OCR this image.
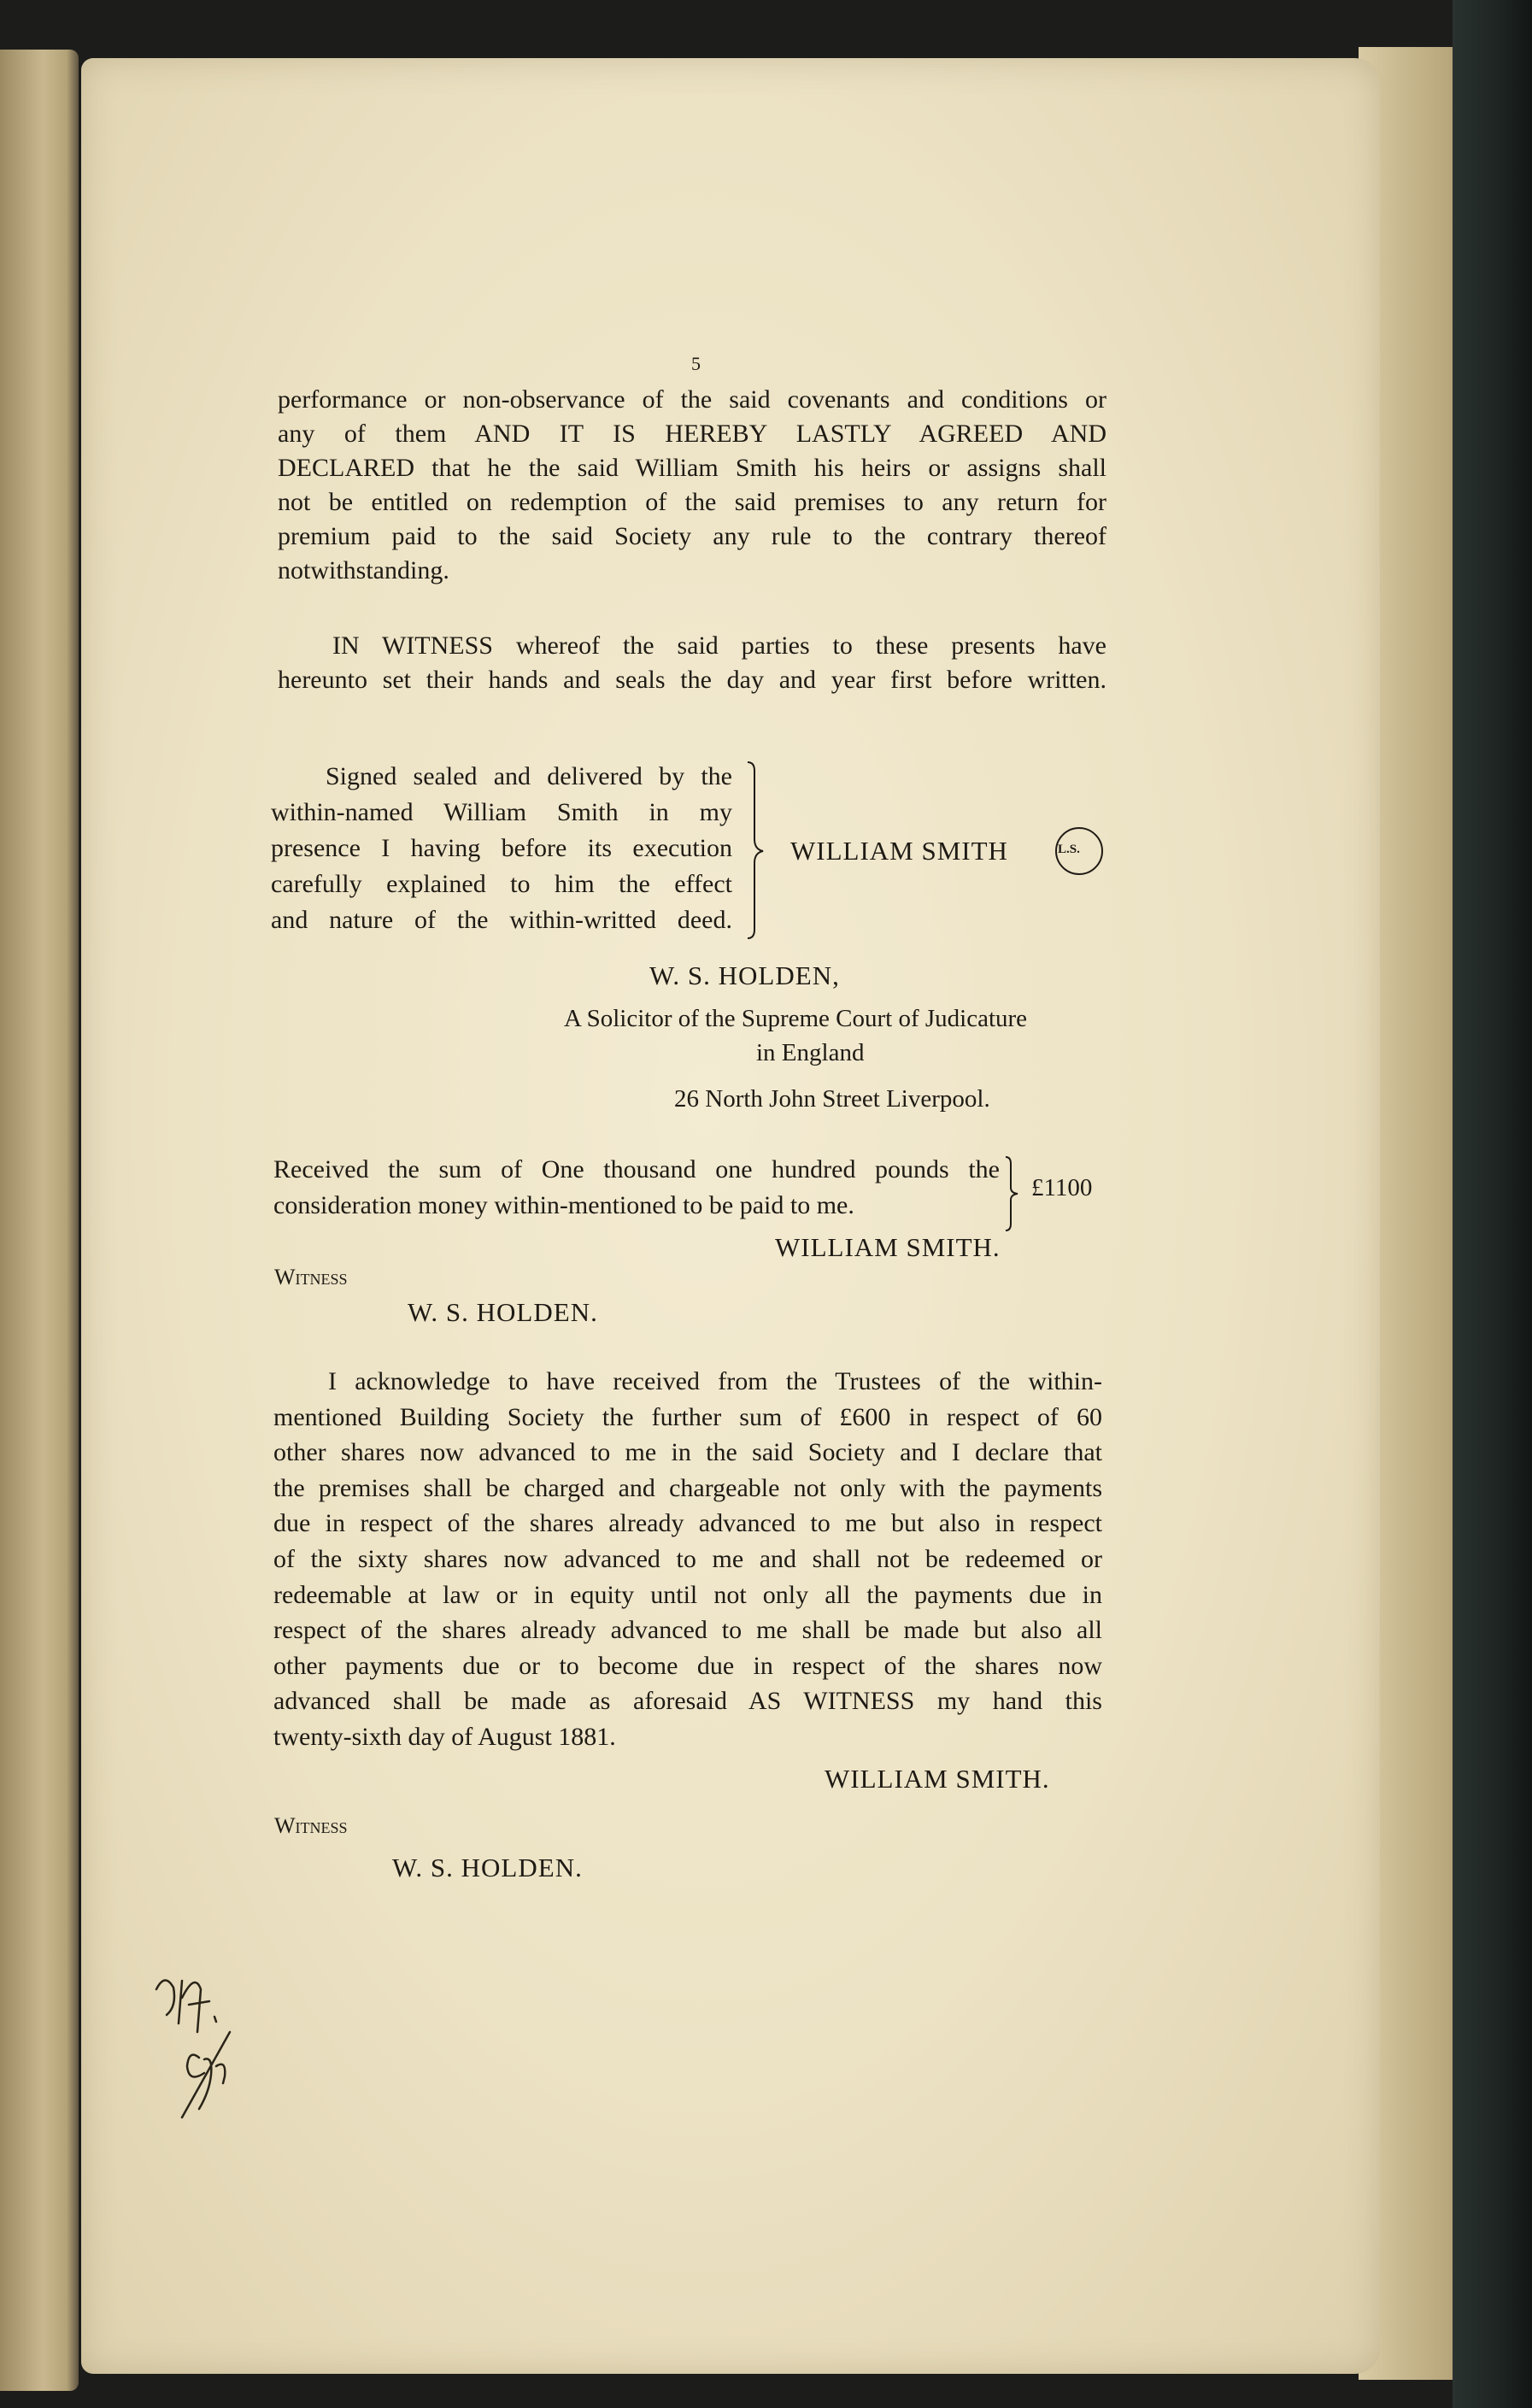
5

performance or non-observance of the said covenants and conditions or

any of them AND IT IS HEREBY LASTLY AGREED AND

DECLARED that he the said William Smith his heirs or assigns shall

not be entitled on redemption of the said premises to any return for

premium paid to the said Society any rule to the contrary thereof

notwithstanding.

IN WITNESS whereof the said parties to these presents have

hereunto set their hands and seals the day and year first before written.

Signed sealed and delivered by the

within-named William Smith in my

presence I having before its execution

carefully explained to him the effect

and nature of the within-writted deed.

WILLIAM SMITH	L.S.
W. S. HOLDEN,
A Solicitor of the Supreme Court of Judicature
in England
26 North John Street Liverpool.

Received the sum of One thousand one hundred pounds the

consideration money within-mentioned to be paid to me.

£1100
WILLIAM SMITH.
Witness
W. S. HOLDEN.

I acknowledge to have received from the Trustees of the within-

mentioned Building Society the further sum of £600 in respect of 60

other shares now advanced to me in the said Society and I declare that

the premises shall be charged and chargeable not only with the payments

due in respect of the shares already advanced to me but also in respect

of the sixty shares now advanced to me and shall not be redeemed or

redeemable at law or in equity until not only all the payments due in

respect of the shares already advanced to me shall be made but also all

other payments due or to become due in respect of the shares now

advanced shall be made as aforesaid AS WITNESS my hand this

twenty-sixth day of August 1881.

WILLIAM SMITH.
Witness
W. S. HOLDEN.
